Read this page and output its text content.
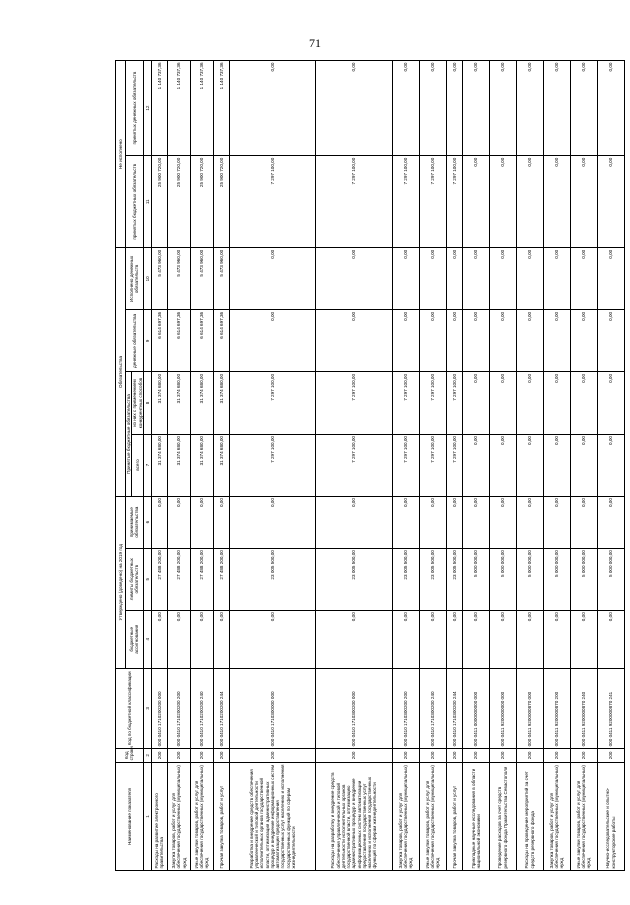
71
Наименование показателя	Код строки	Код по бюджетной классификации	Утверждено (доведено) на 2019 год			Обязательства				Не исполнено	
			бюджетные ассигнования	лимиты бюджетных обязательств	принимаемые обязательства	Принятые бюджетные обязательства		денежные обязательства	Исполнено денежных обязательств	принятых бюджетных обязательств	принятых денежных обязательств
						всего	из них с применением конкурентных способов				

1	2	3	4	5	6	7	8	9	10	11	12
Расходы на развитие электронного правительства	200	000 0410 1710200200 000	0,00	27 488 200,00	0,00	31 374 680,00	31 374 680,00	6 614 697,36	5 473 960,00	25 900 720,00	1 140 737,36
Закупка товаров, работ и услуг для обеспечения государственных (муниципальных) нужд	200	000 0410 1710200200 200	0,00	27 488 200,00	0,00	31 374 680,00	31 374 680,00	6 614 697,36	5 473 960,00	25 900 720,00	1 140 737,36
Иные закупки товаров, работ и услуг для обеспечения государственных (муниципальных) нужд	200	000 0410 1710200200 240	0,00	27 488 200,00	0,00	31 374 680,00	31 374 680,00	6 614 697,36	5 473 960,00	25 900 720,00	1 140 737,36
Прочая закупка товаров, работ и услуг	200	000 0410 1710200200 244	0,00	27 488 200,00	0,00	31 374 680,00	31 374 680,00	6 614 697,36	5 473 960,00	25 900 720,00	1 140 737,36
Разработка и внедрение средств обеспечения управленческой и типовой деятельности исполнительных органов государственной власти, оптимизация административных процедур и внедрение информационных систем автоматизации предоставления государственных услуг населению и исполнения государственных функций по сферам жизнедеятельности	200	000 0410 1710300000 000	0,00	23 005 500,00	0,00	7 297 100,00	7 297 100,00	0,00	0,00	7 297 100,00	0,00
Расходы на разработку и внедрение средств обеспечения управленческой и типовой деятельности исполнительных органов государственной власти, оптимизацию административных процедур и внедрение информационных систем автоматизации предоставления государственных услуг населению и исполнения государственных функций по сферам жизнедеятельности	200	000 0410 1710300200 000	0,00	23 005 500,00	0,00	7 297 100,00	7 297 100,00	0,00	0,00	7 297 100,00	0,00
Закупка товаров, работ и услуг для обеспечения государственных (муниципальных) нужд	200	000 0410 1710300200 200	0,00	23 005 500,00	0,00	7 297 100,00	7 297 100,00	0,00	0,00	7 297 100,00	0,00
Иные закупки товаров, работ и услуг для обеспечения государственных (муниципальных) нужд	200	000 0410 1710300200 240	0,00	23 005 500,00	0,00	7 297 100,00	7 297 100,00	0,00	0,00	7 297 100,00	0,00
Прочая закупка товаров, работ и услуг	200	000 0410 1710300200 244	0,00	23 005 500,00	0,00	7 297 100,00	7 297 100,00	0,00	0,00	7 297 100,00	0,00
Прикладные научные исследования в области национальной экономики	200	000 0411 0000000000 000	0,00	5 000 000,00	0,00	0,00	0,00	0,00	0,00	0,00	0,00
Проведение расходов за счет средств резервного фонда Правительства Севастополя	200	000 0411 9200000000 000	0,00	5 000 000,00	0,00	0,00	0,00	0,00	0,00	0,00	0,00
Расходы на проведение мероприятий за счет средств резервного фонда	200	000 0411 9200000870 000	0,00	5 000 000,00	0,00	0,00	0,00	0,00	0,00	0,00	0,00
Закупка товаров, работ и услуг для обеспечения государственных (муниципальных) нужд	200	000 0411 9200000870 200	0,00	5 000 000,00	0,00	0,00	0,00	0,00	0,00	0,00	0,00
Иные закупки товаров, работ и услуг для обеспечения государственных (муниципальных) нужд	200	000 0411 9200000870 240	0,00	5 000 000,00	0,00	0,00	0,00	0,00	0,00	0,00	0,00
Научно-исследовательские и опытно-конструкторские работы	200	000 0411 9200000870 241	0,00	5 000 000,00	0,00	0,00	0,00	0,00	0,00	0,00	0,00
